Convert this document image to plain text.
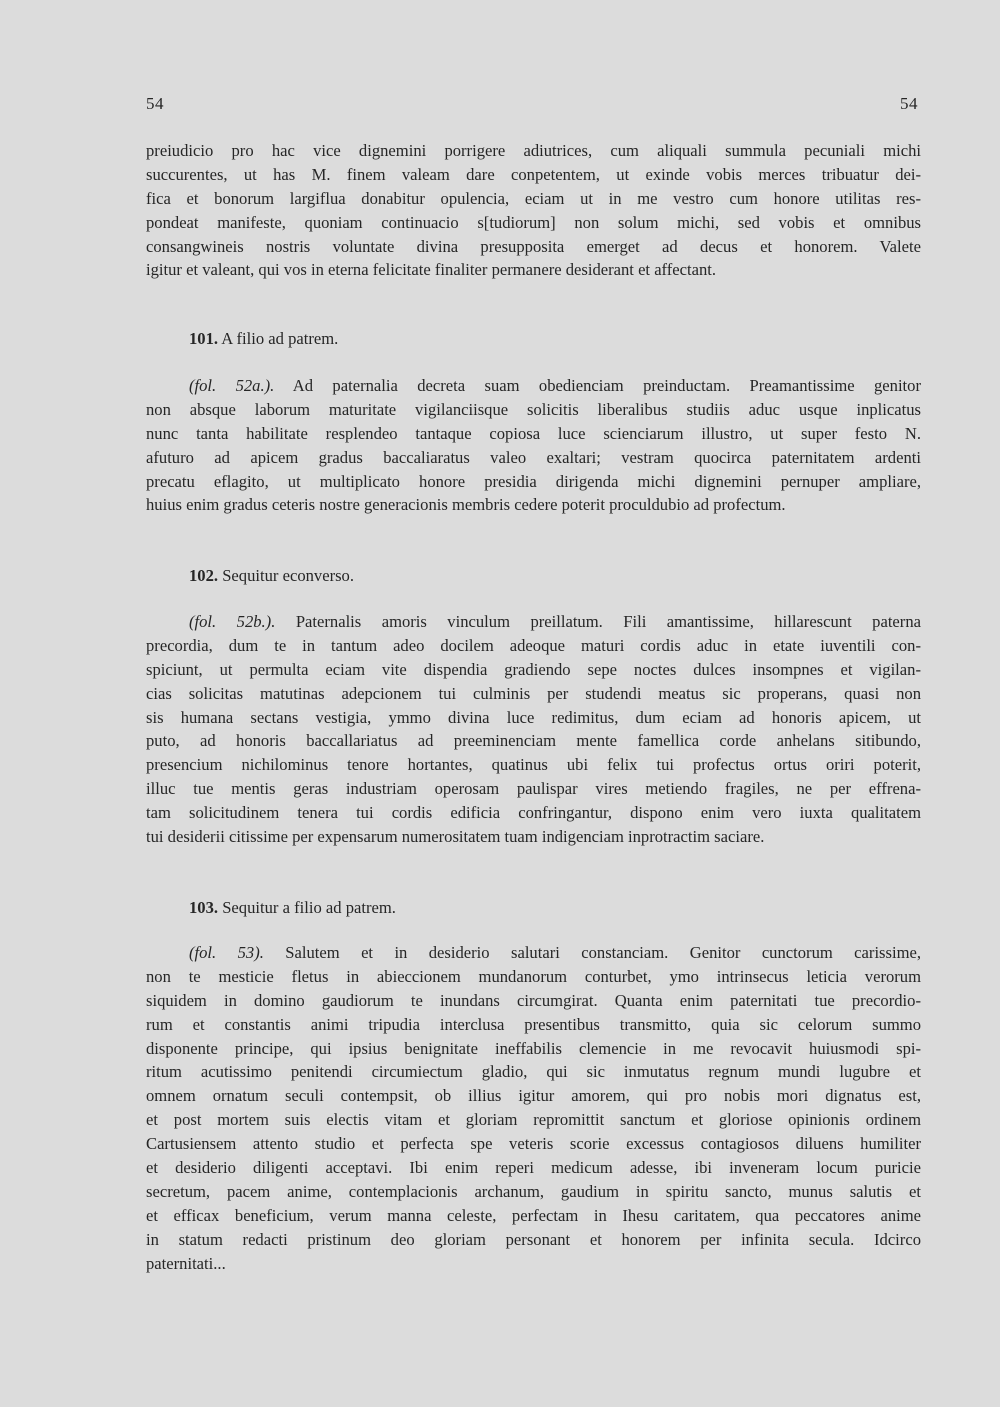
54	54
preiudicio pro hac vice dignemini porrigere adiutrices, cum aliquali summula pecuniali michi
succurentes, ut has M. finem valeam dare conpetentem, ut exinde vobis merces tribuatur dei-
fica et bonorum largiflua donabitur opulencia, eciam ut in me vestro cum honore utilitas res-
pondeat manifeste, quoniam continuacio s[tudiorum] non solum michi, sed vobis et omnibus
consangwineis nostris voluntate divina presupposita emerget ad decus et honorem. Valete
igitur et valeant, qui vos in eterna felicitate finaliter permanere desiderant et affectant.
101. A filio ad patrem.
(fol. 52a.). Ad paternalia decreta suam obedienciam preinductam. Preamantissime genitor
non absque laborum maturitate vigilanciisque solicitis liberalibus studiis aduc usque inplicatus
nunc tanta habilitate resplendeo tantaque copiosa luce scienciarum illustro, ut super festo N.
afuturo ad apicem gradus baccaliaratus valeo exaltari; vestram quocirca paternitatem ardenti
precatu eflagito, ut multiplicato honore presidia dirigenda michi dignemini pernuper ampliare,
huius enim gradus ceteris nostre generacionis membris cedere poterit proculdubio ad profectum.
102. Sequitur econverso.
(fol. 52b.). Paternalis amoris vinculum preillatum. Fili amantissime, hillarescunt paterna
precordia, dum te in tantum adeo docilem adeoque maturi cordis aduc in etate iuventili con-
spiciunt, ut permulta eciam vite dispendia gradiendo sepe noctes dulces insompnes et vigilan-
cias solicitas matutinas adepcionem tui culminis per studendi meatus sic properans, quasi non
sis humana sectans vestigia, ymmo divina luce redimitus, dum eciam ad honoris apicem, ut
puto, ad honoris baccallariatus ad preeminenciam mente famellica corde anhelans sitibundo,
presencium nichilominus tenore hortantes, quatinus ubi felix tui profectus ortus oriri poterit,
illuc tue mentis geras industriam operosam paulispar vires metiendo fragiles, ne per effrena-
tam solicitudinem tenera tui cordis edificia confringantur, dispono enim vero iuxta qualitatem
tui desiderii citissime per expensarum numerositatem tuam indigenciam inprotractim saciare.
103. Sequitur a filio ad patrem.
(fol. 53). Salutem et in desiderio salutari constanciam. Genitor cunctorum carissime,
non te mesticie fletus in abieccionem mundanorum conturbet, ymo intrinsecus leticia verorum
siquidem in domino gaudiorum te inundans circumgirat. Quanta enim paternitati tue precordio-
rum et constantis animi tripudia interclusa presentibus transmitto, quia sic celorum summo
disponente principe, qui ipsius benignitate ineffabilis clemencie in me revocavit huiusmodi spi-
ritum acutissimo penitendi circumiectum gladio, qui sic inmutatus regnum mundi lugubre et
omnem ornatum seculi contempsit, ob illius igitur amorem, qui pro nobis mori dignatus est,
et post mortem suis electis vitam et gloriam repromittit sanctum et gloriose opinionis ordinem
Cartusiensem attento studio et perfecta spe veteris scorie excessus contagiosos diluens humiliter
et desiderio diligenti acceptavi. Ibi enim reperi medicum adesse, ibi inveneram locum puricie
secretum, pacem anime, contemplacionis archanum, gaudium in spiritu sancto, munus salutis et
et efficax beneficium, verum manna celeste, perfectam in Ihesu caritatem, qua peccatores anime
in statum redacti pristinum deo gloriam personant et honorem per infinita secula. Idcirco
paternitati...
